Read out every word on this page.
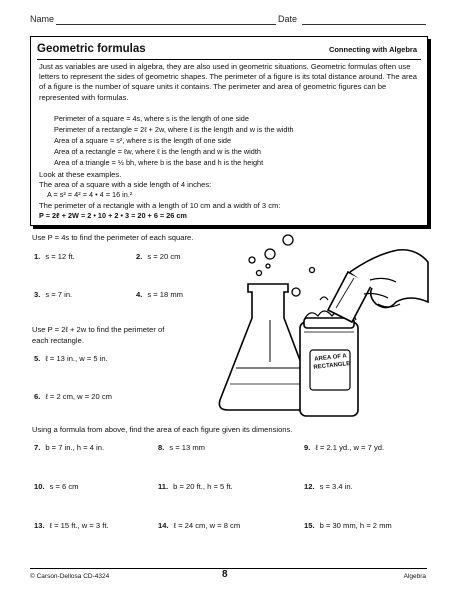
Name	Date
Geometric formulas	Connecting with Algebra
Just as variables are used in algebra, they are also used in geometric situations. Geometric formulas often use letters to represent the sides of geometric shapes. The perimeter of a figure is its total distance around. The area of a figure is the number of square units it contains. The perimeter and area of geometric figures can be represented with formulas.
Perimeter of a square = 4s, where s is the length of one side
Perimeter of a rectangle = 2ℓ + 2w, where ℓ is the length and w is the width
Area of a square = s², where s is the length of one side
Area of a rectangle = ℓw, where ℓ is the length and w is the width
Area of a triangle = ½ bh, where b is the base and h is the height
Look at these examples.
The area of a square with a side length of 4 inches:
A = s² = 4² = 4 • 4 = 16 in.²
The perimeter of a rectangle with a length of 10 cm and a width of 3 cm:
P = 2ℓ + 2W = 2 • 10 + 2 • 3 = 20 + 6 = 26 cm
Use P = 4s to find the perimeter of each square.
1. s = 12 ft.	2. s = 20 cm
3. s = 7 in.	4. s = 18 mm
Use P = 2ℓ + 2w to find the perimeter of each rectangle.
5. ℓ = 13 in., w = 5 in.
6. ℓ = 2 cm, w = 20 cm
AREA OF A RECTANGLE
Using a formula from above, find the area of each figure given its dimensions.
7. b = 7 in., h = 4 in.	8. s = 13 mm	9. ℓ = 2.1 yd., w = 7 yd.
10. s = 6 cm	11. b = 20 ft., h = 5 ft.	12. s = 3.4 in.
13. ℓ = 15 ft., w = 3 ft.	14. ℓ = 24 cm, w = 8 cm	15. b = 30 mm, h = 2 mm
© Carson-Dellosa CD-4324	8	Algebra
